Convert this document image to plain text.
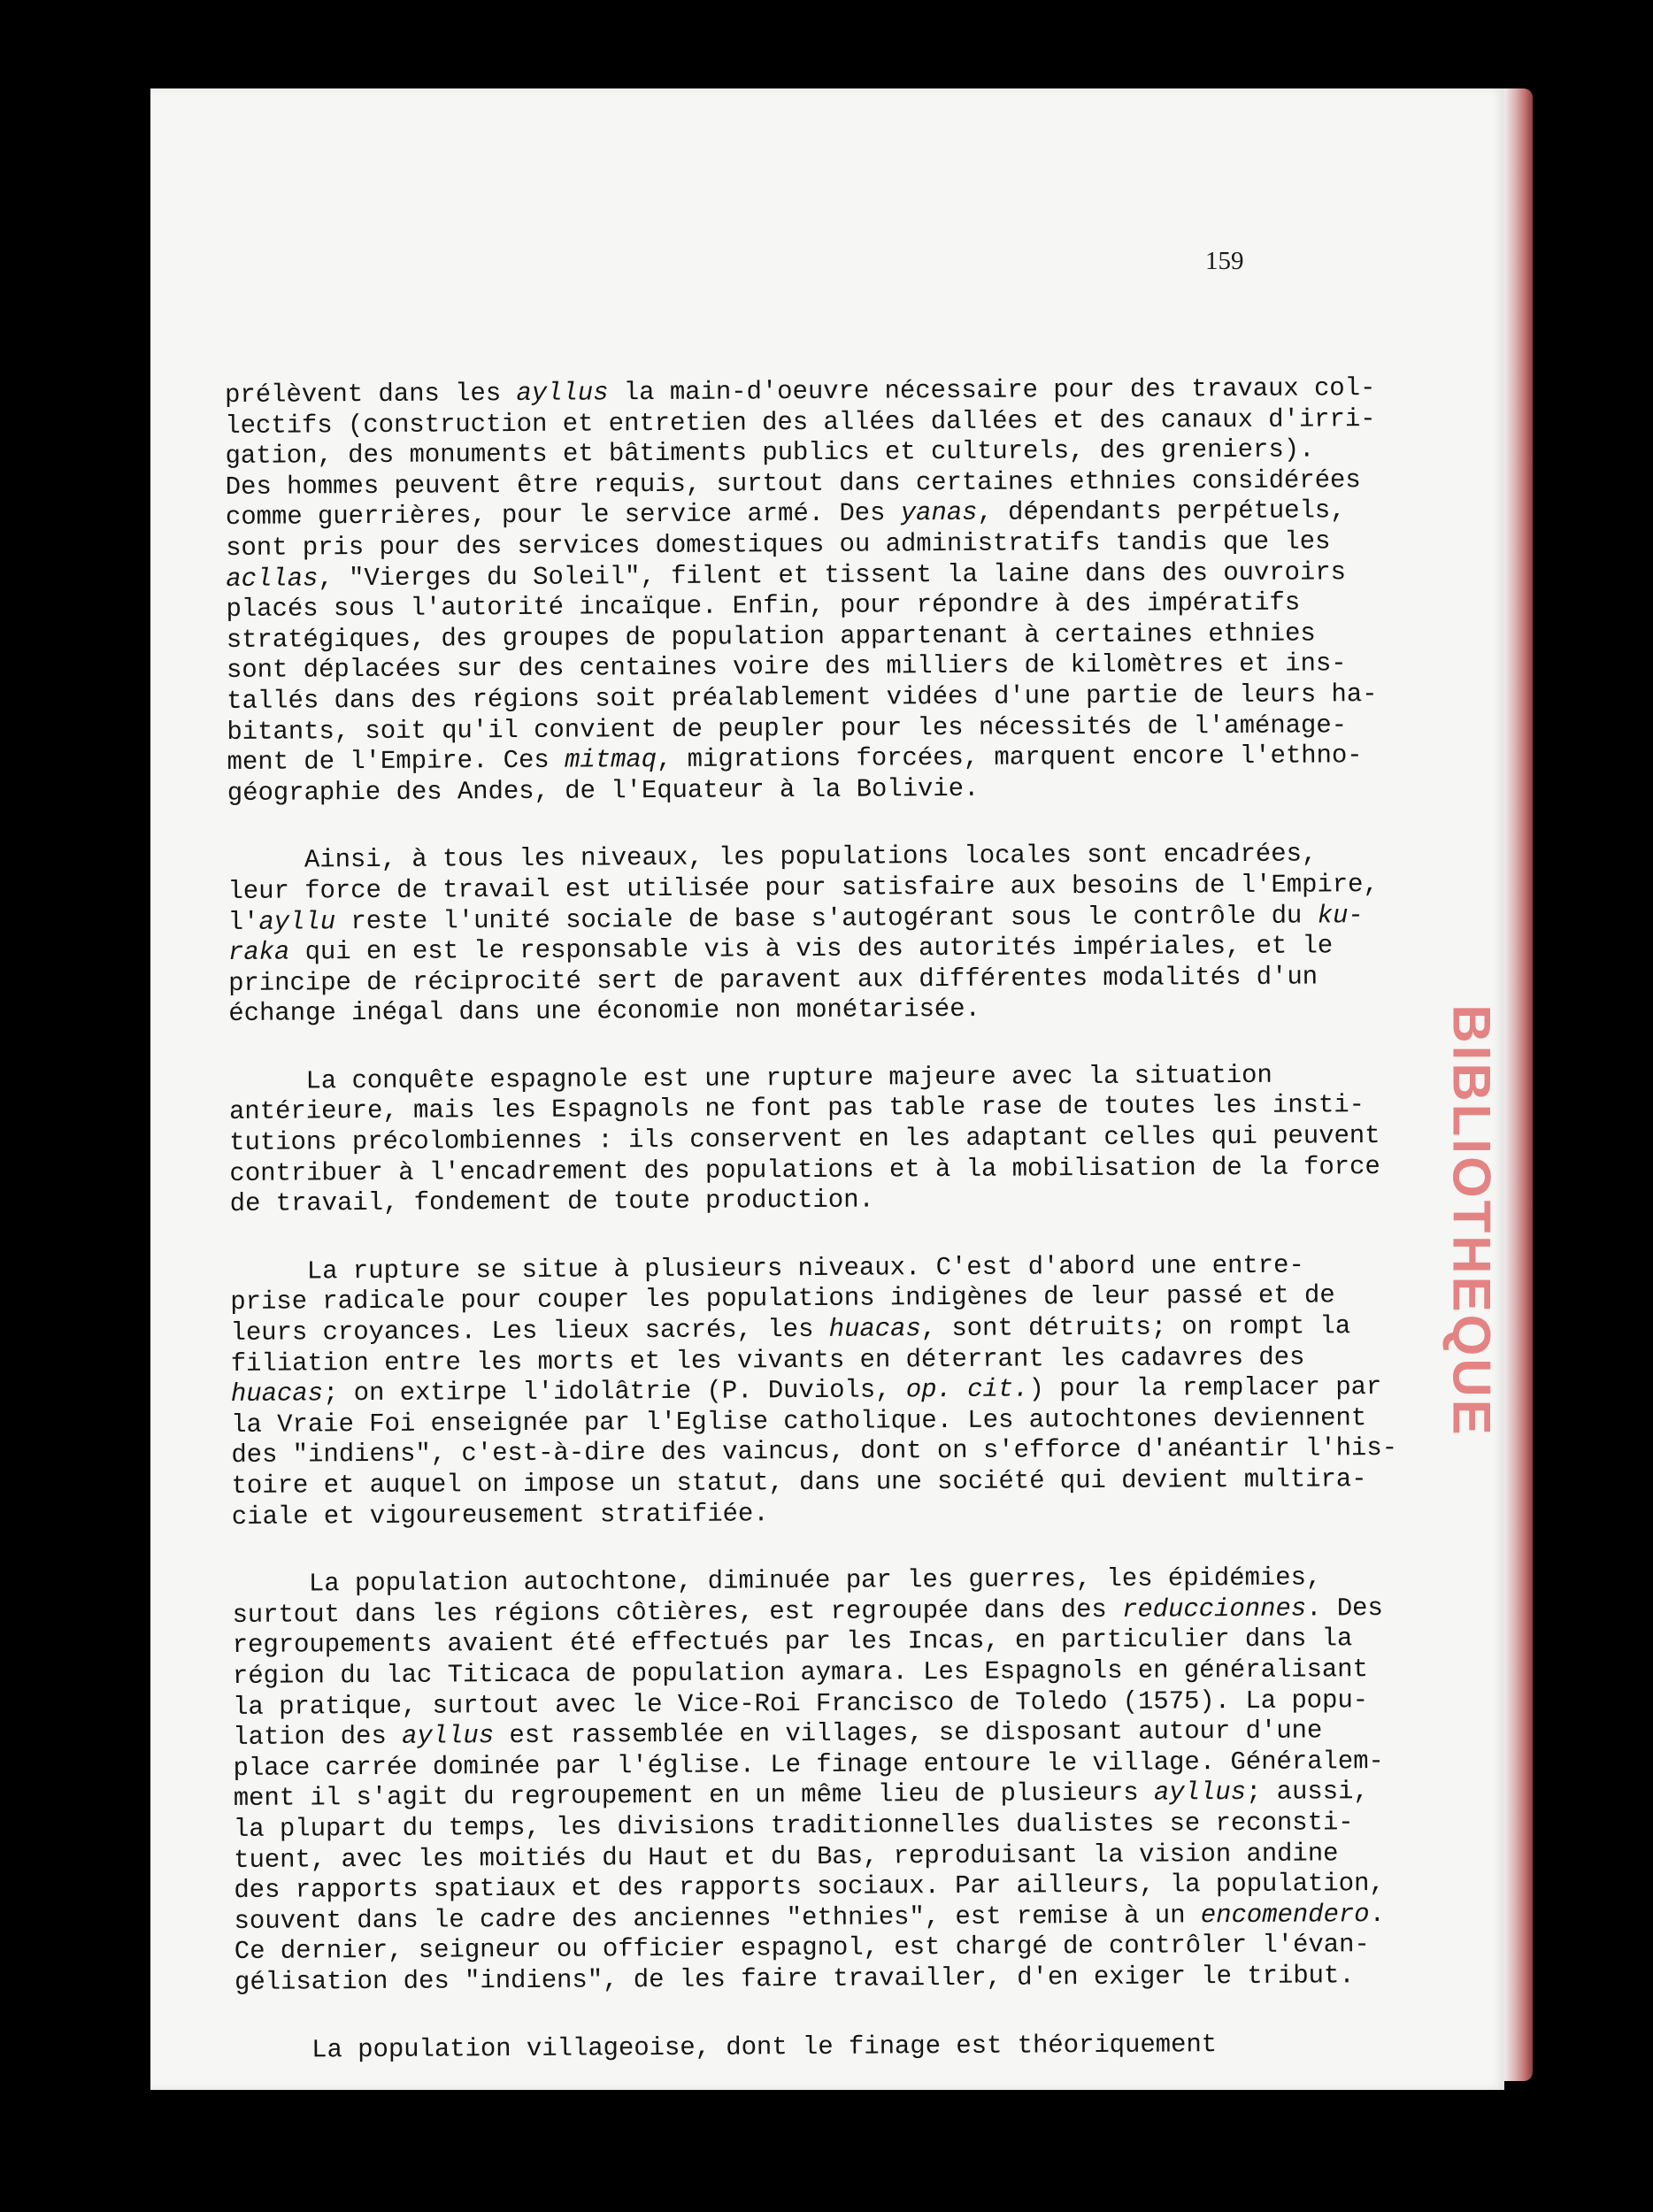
BIBLIOTHEQUE
159
prélèvent dans les ayllus la main-d'oeuvre nécessaire pour des travaux col-
lectifs (construction et entretien des allées dallées et des canaux d'irri-
gation, des monuments et bâtiments publics et culturels, des greniers).
Des hommes peuvent être requis, surtout dans certaines ethnies considérées
comme guerrières, pour le service armé. Des yanas, dépendants perpétuels,
sont pris pour des services domestiques ou administratifs tandis que les
acllas, "Vierges du Soleil", filent et tissent la laine dans des ouvroirs
placés sous l'autorité incaïque. Enfin, pour répondre à des impératifs
stratégiques, des groupes de population appartenant à certaines ethnies
sont déplacées sur des centaines voire des milliers de kilomètres et ins-
tallés dans des régions soit préalablement vidées d'une partie de leurs ha-
bitants, soit qu'il convient de peupler pour les nécessités de l'aménage-
ment de l'Empire. Ces mitmaq, migrations forcées, marquent encore l'ethno-
géographie des Andes, de l'Equateur à la Bolivie.
Ainsi, à tous les niveaux, les populations locales sont encadrées,
leur force de travail est utilisée pour satisfaire aux besoins de l'Empire,
l'ayllu reste l'unité sociale de base s'autogérant sous le contrôle du ku-
raka qui en est le responsable vis à vis des autorités impériales, et le
principe de réciprocité sert de paravent aux différentes modalités d'un
échange inégal dans une économie non monétarisée.
La conquête espagnole est une rupture majeure avec la situation
antérieure, mais les Espagnols ne font pas table rase de toutes les insti-
tutions précolombiennes : ils conservent en les adaptant celles qui peuvent
contribuer à l'encadrement des populations et à la mobilisation de la force
de travail, fondement de toute production.
La rupture se situe à plusieurs niveaux. C'est d'abord une entre-
prise radicale pour couper les populations indigènes de leur passé et de
leurs croyances. Les lieux sacrés, les huacas, sont détruits; on rompt la
filiation entre les morts et les vivants en déterrant les cadavres des
huacas; on extirpe l'idolâtrie (P. Duviols, op. cit.) pour la remplacer par
la Vraie Foi enseignée par l'Eglise catholique. Les autochtones deviennent
des "indiens", c'est-à-dire des vaincus, dont on s'efforce d'anéantir l'his-
toire et auquel on impose un statut, dans une société qui devient multira-
ciale et vigoureusement stratifiée.
La population autochtone, diminuée par les guerres, les épidémies,
surtout dans les régions côtières, est regroupée dans des reduccionnes. Des
regroupements avaient été effectués par les Incas, en particulier dans la
région du lac Titicaca de population aymara. Les Espagnols en généralisant
la pratique, surtout avec le Vice-Roi Francisco de Toledo (1575). La popu-
lation des ayllus est rassemblée en villages, se disposant autour d'une
place carrée dominée par l'église. Le finage entoure le village. Généralem-
ment il s'agit du regroupement en un même lieu de plusieurs ayllus; aussi,
la plupart du temps, les divisions traditionnelles dualistes se reconsti-
tuent, avec les moitiés du Haut et du Bas, reproduisant la vision andine
des rapports spatiaux et des rapports sociaux. Par ailleurs, la population,
souvent dans le cadre des anciennes "ethnies", est remise à un encomendero.
Ce dernier, seigneur ou officier espagnol, est chargé de contrôler l'évan-
gélisation des "indiens", de les faire travailler, d'en exiger le tribut.
La population villageoise, dont le finage est théoriquement
